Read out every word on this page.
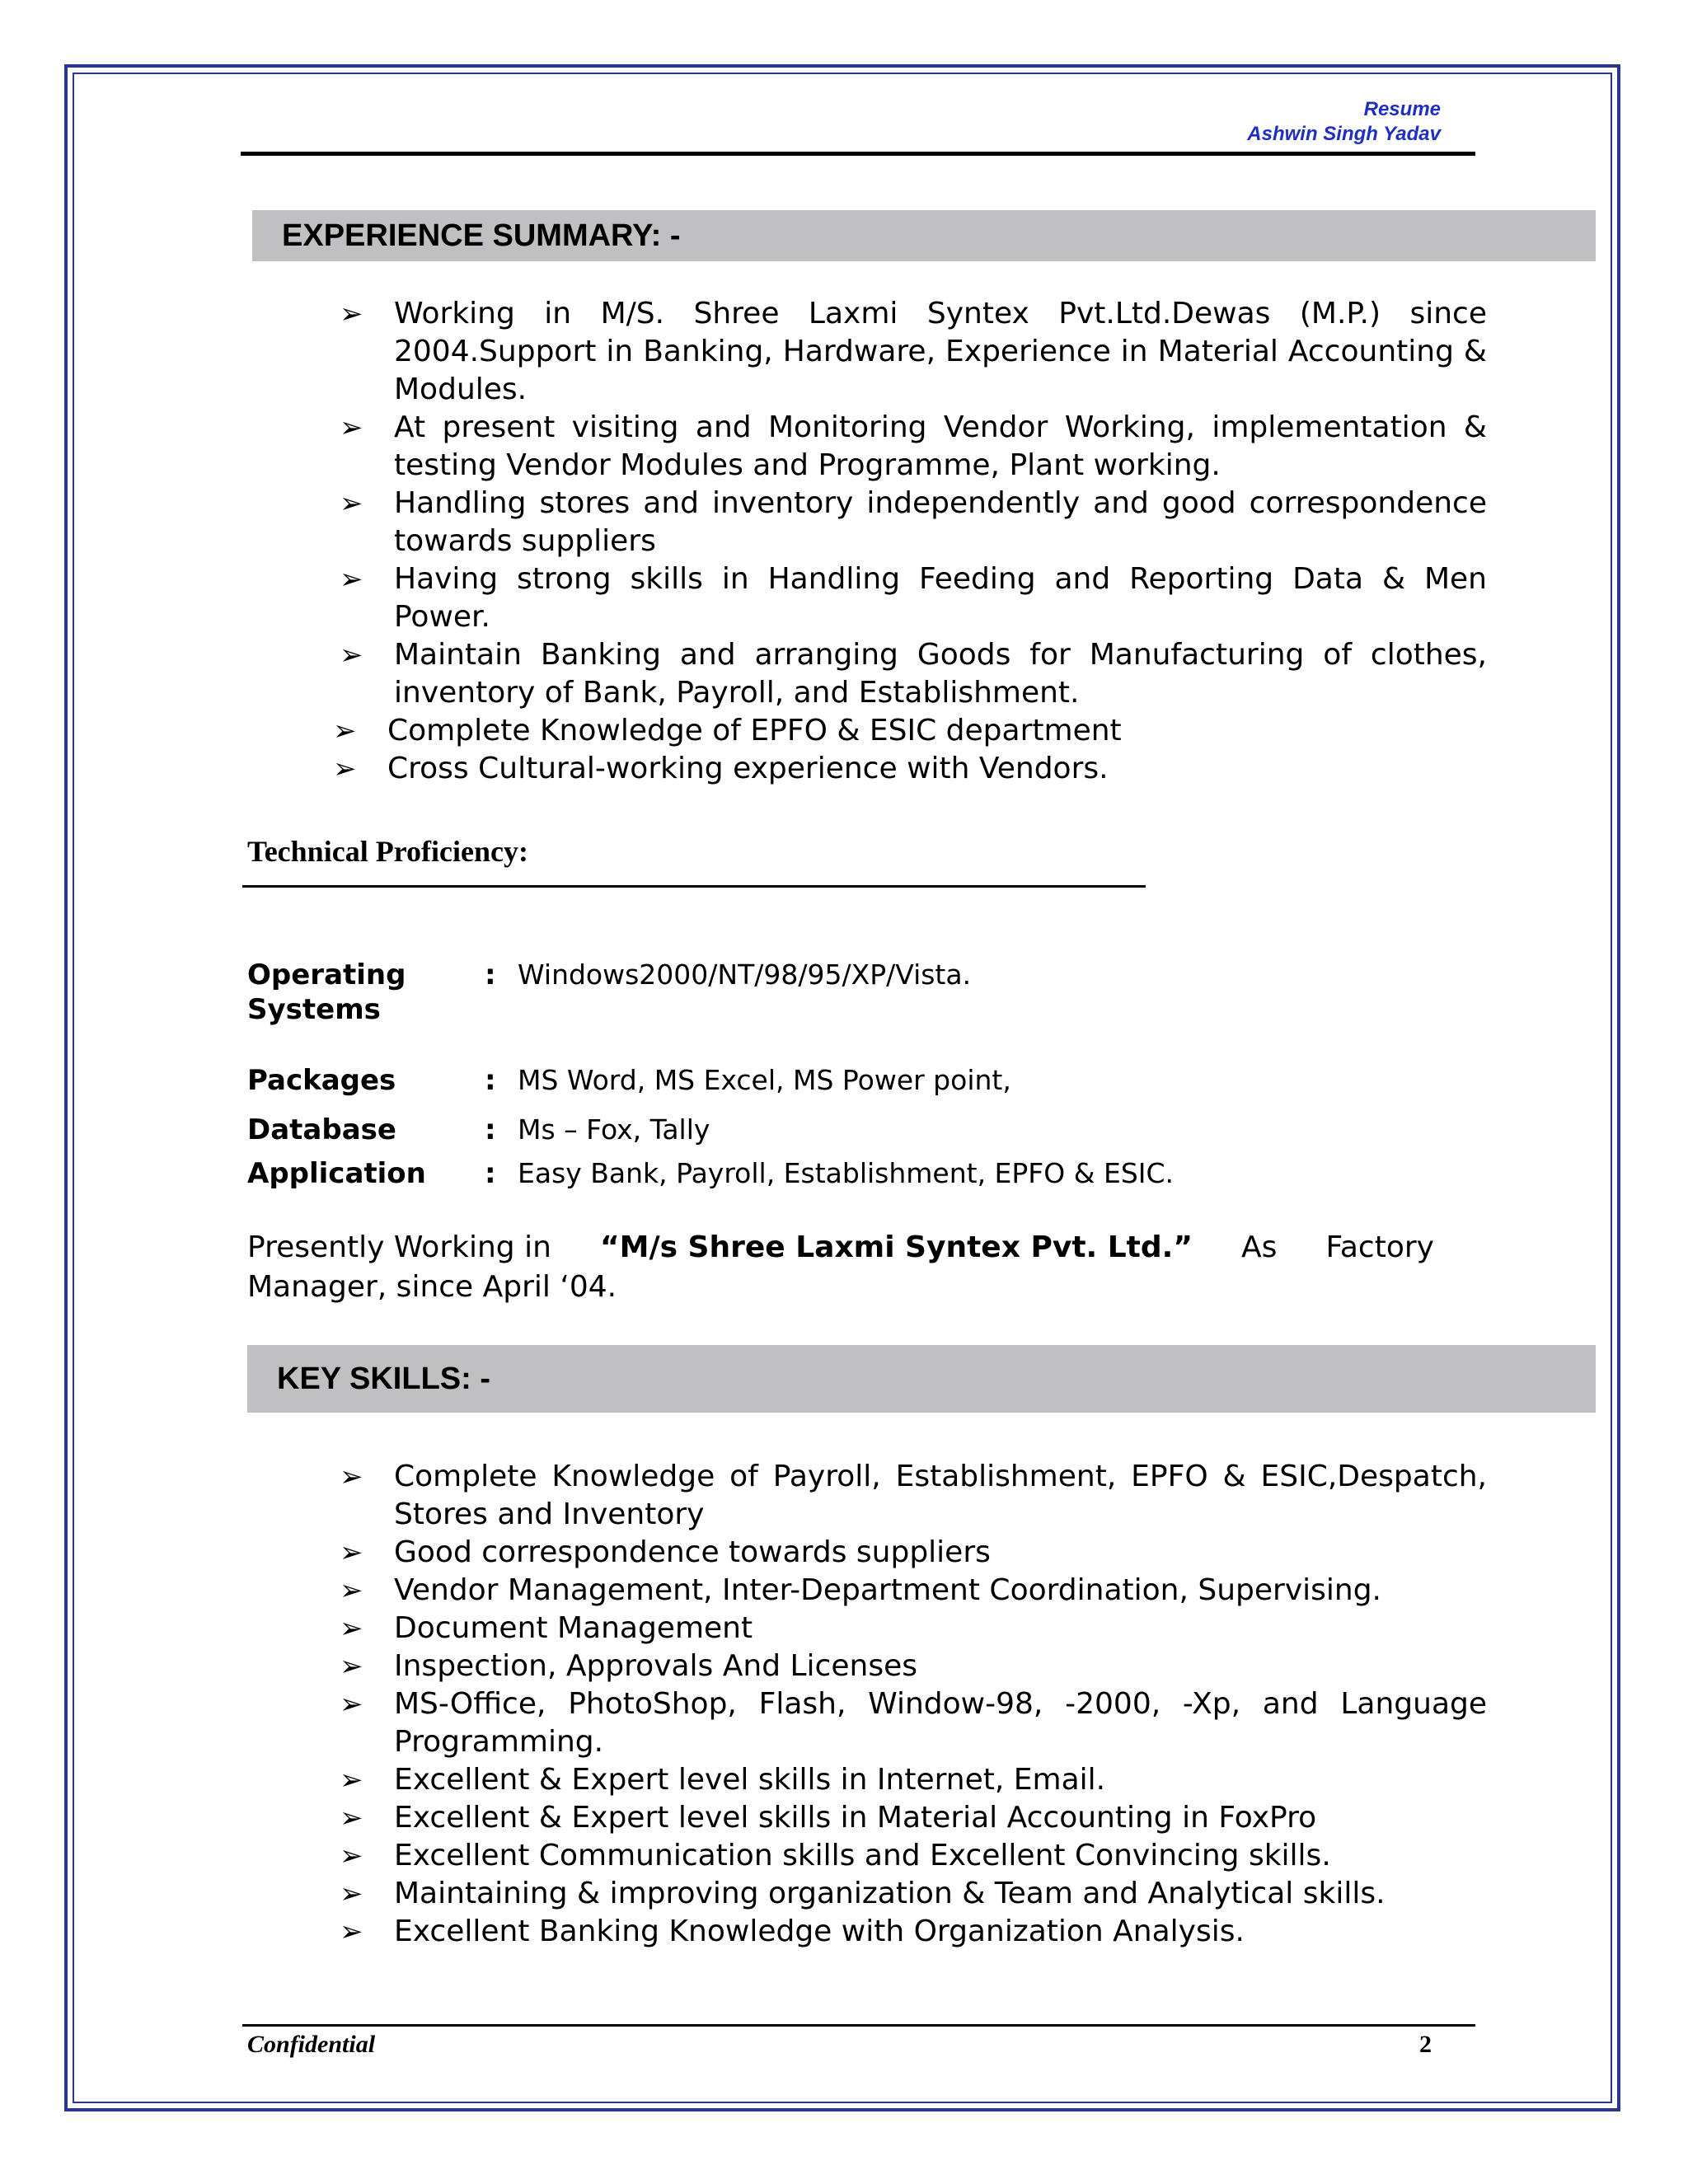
Resume
Ashwin Singh Yadav
EXPERIENCE SUMMARY: -
➢ Working in M/S. Shree Laxmi Syntex Pvt.Ltd.Dewas (M.P.) since 2004.Support in Banking, Hardware, Experience in Material Accounting & Modules.
➢ At present visiting and Monitoring Vendor Working, implementation & testing Vendor Modules and Programme, Plant working.
➢ Handling stores and inventory independently and good correspondence towards suppliers
➢ Having strong skills in Handling Feeding and Reporting Data & Men Power.
➢ Maintain Banking and arranging Goods for Manufacturing of clothes, inventory of Bank, Payroll, and Establishment.
➢ Complete Knowledge of EPFO & ESIC department
➢ Cross Cultural-working experience with Vendors.
Technical Proficiency:
Operating Systems
: Windows2000/NT/98/95/XP/Vista.
Packages	: MS Word, MS Excel, MS Power point,
Database	: Ms – Fox, Tally
Application	: Easy Bank, Payroll, Establishment, EPFO & ESIC.
Presently Working in “M/s Shree Laxmi Syntex Pvt. Ltd.” As Factory
Manager, since April ‘04.
KEY SKILLS: -
➢ Complete Knowledge of Payroll, Establishment, EPFO & ESIC,Despatch, Stores and Inventory
➢ Good correspondence towards suppliers
➢ Vendor Management, Inter-Department Coordination, Supervising.
➢ Document Management
➢ Inspection, Approvals And Licenses
➢ MS-Office, PhotoShop, Flash, Window-98, -2000, -Xp, and Language Programming.
➢ Excellent & Expert level skills in Internet, Email.
➢ Excellent & Expert level skills in Material Accounting in FoxPro
➢ Excellent Communication skills and Excellent Convincing skills.
➢ Maintaining & improving organization & Team and Analytical skills.
➢ Excellent Banking Knowledge with Organization Analysis.
Confidential	2
